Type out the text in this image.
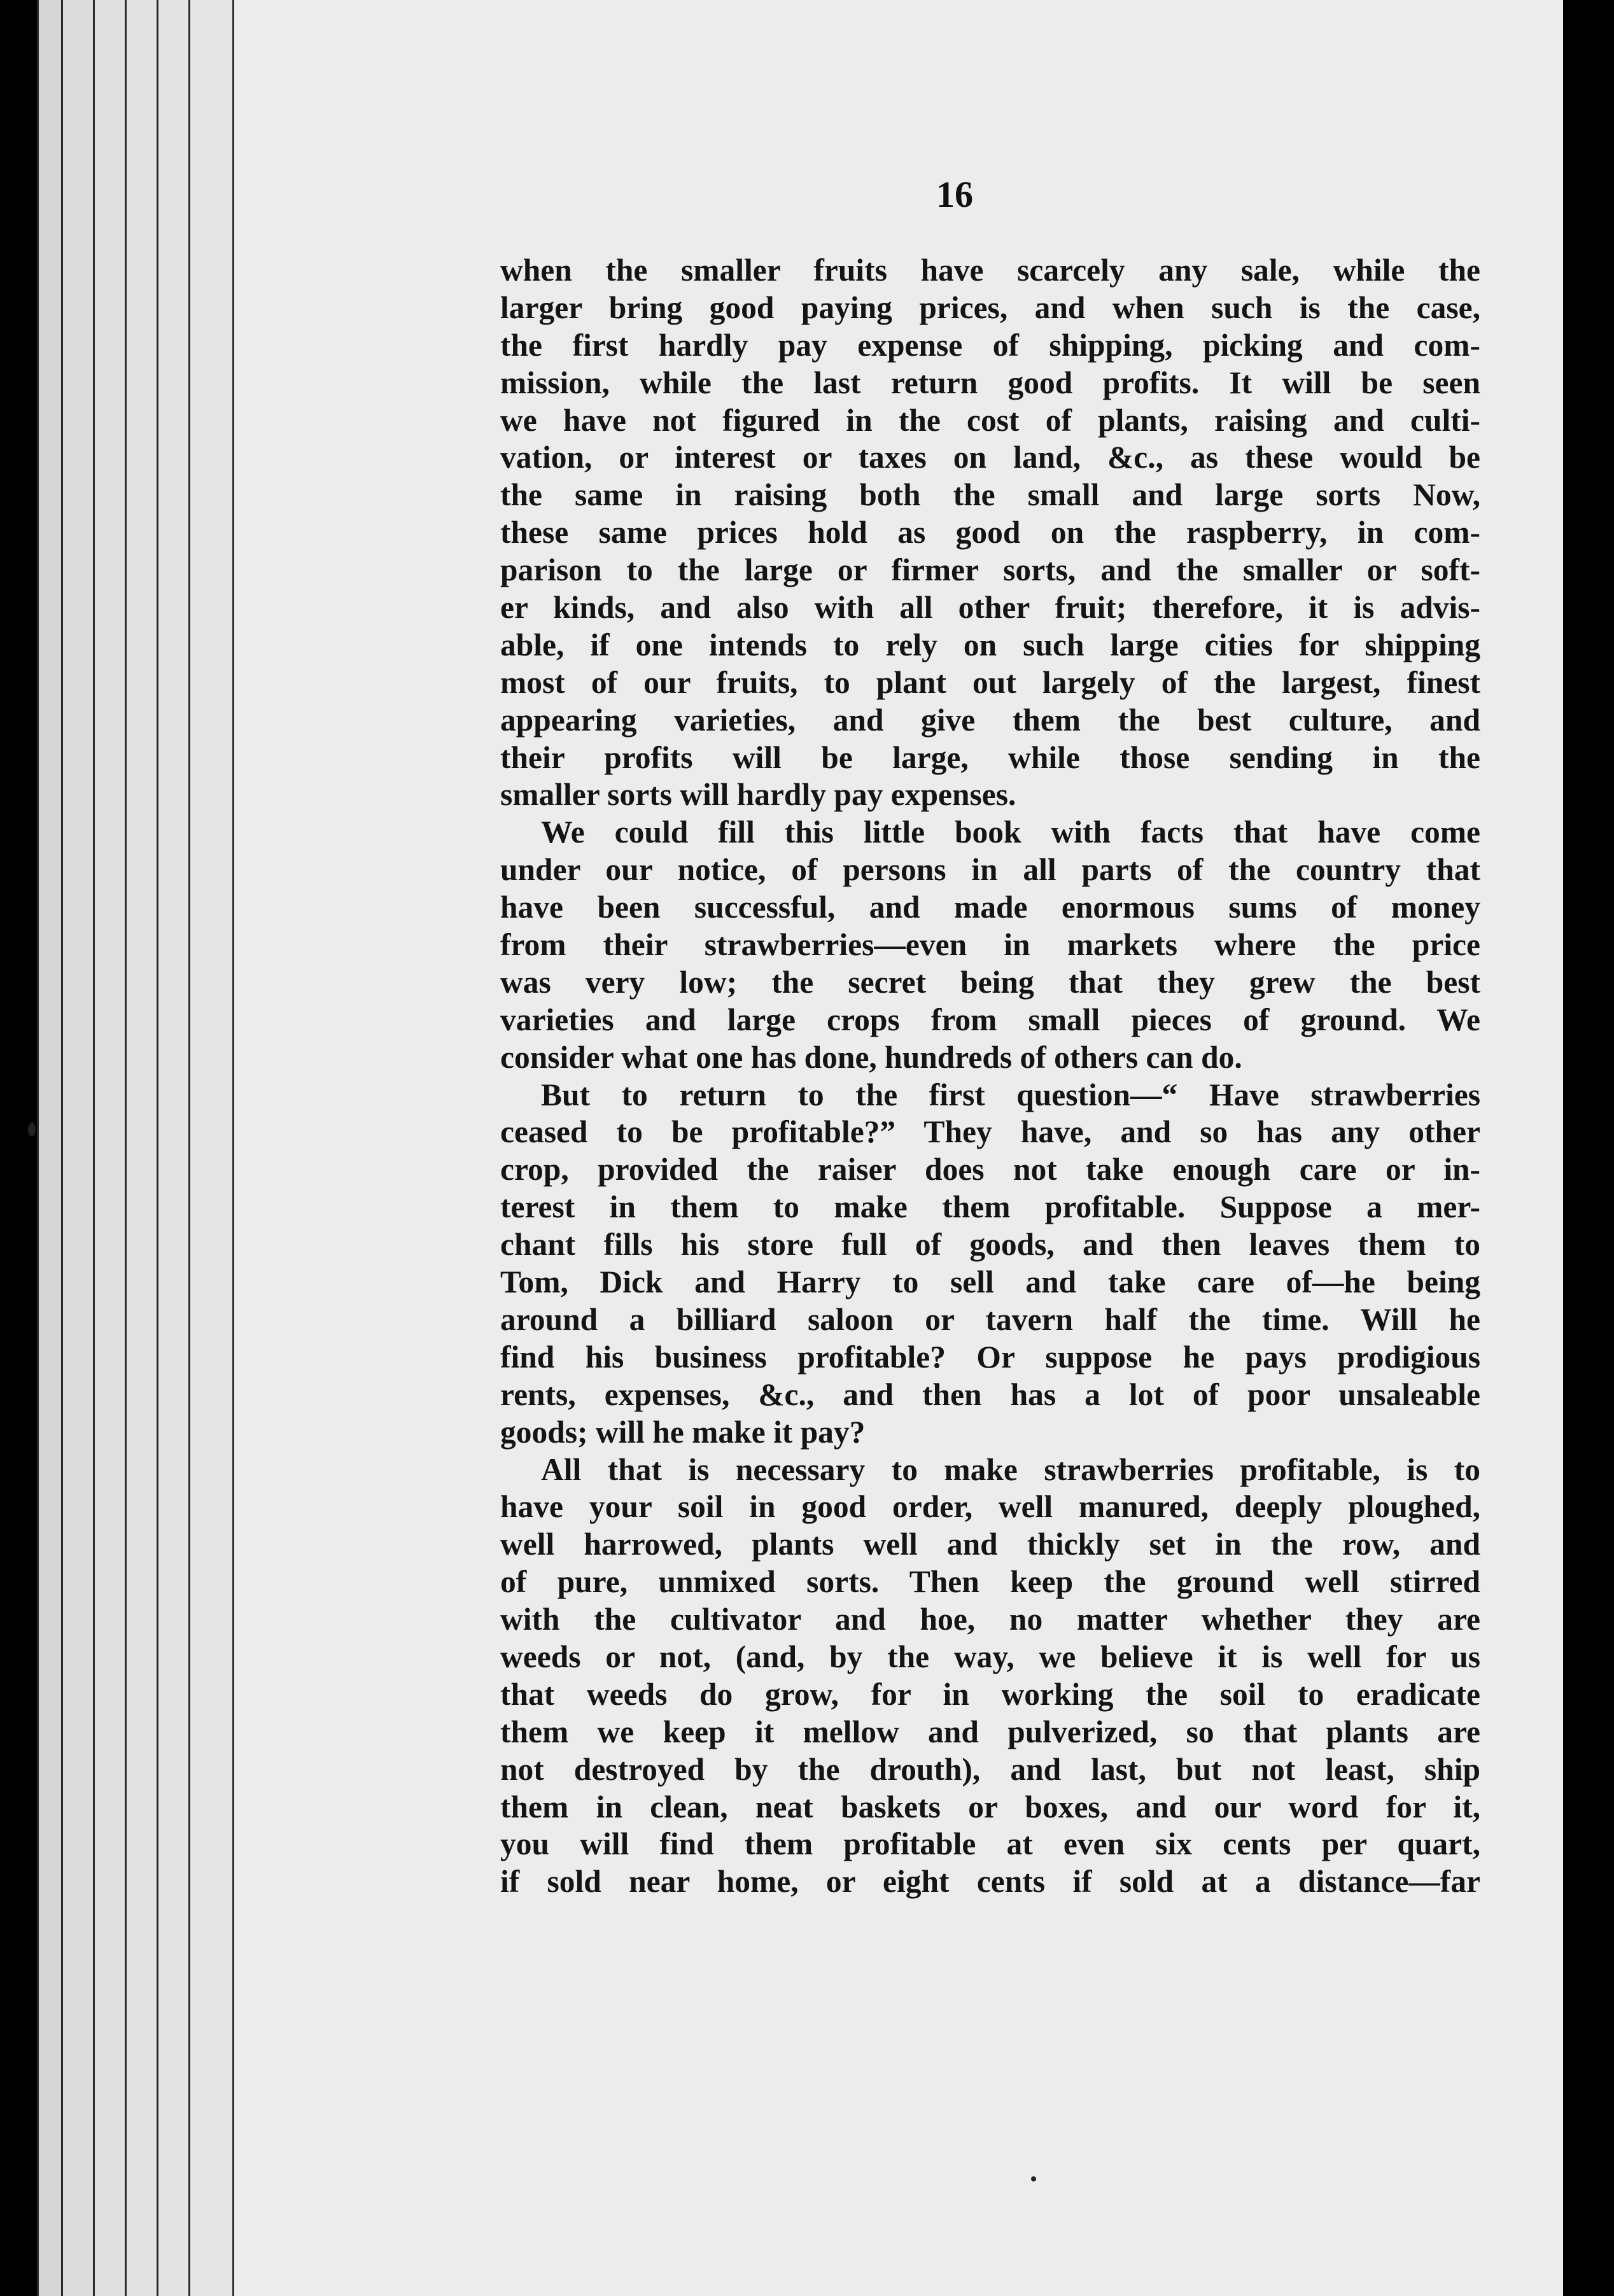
16
when the smaller fruits have scarcely any sale, while the
larger bring good paying prices, and when such is the case,
the first hardly pay expense of shipping, picking and com-
mission, while the last return good profits. It will be seen
we have not figured in the cost of plants, raising and culti-
vation, or interest or taxes on land, &c., as these would be
the same in raising both the small and large sorts Now,
these same prices hold as good on the raspberry, in com-
parison to the large or firmer sorts, and the smaller or soft-
er kinds, and also with all other fruit; therefore, it is advis-
able, if one intends to rely on such large cities for shipping
most of our fruits, to plant out largely of the largest, finest
appearing varieties, and give them the best culture, and
their profits will be large, while those sending in the
smaller sorts will hardly pay expenses.
We could fill this little book with facts that have come
under our notice, of persons in all parts of the country that
have been successful, and made enormous sums of money
from their strawberries—even in markets where the price
was very low; the secret being that they grew the best
varieties and large crops from small pieces of ground. We
consider what one has done, hundreds of others can do.
But to return to the first question—“ Have strawberries
ceased to be profitable?” They have, and so has any other
crop, provided the raiser does not take enough care or in-
terest in them to make them profitable. Suppose a mer-
chant fills his store full of goods, and then leaves them to
Tom, Dick and Harry to sell and take care of—he being
around a billiard saloon or tavern half the time. Will he
find his business profitable? Or suppose he pays prodigious
rents, expenses, &c., and then has a lot of poor unsaleable
goods; will he make it pay?
All that is necessary to make strawberries profitable, is to
have your soil in good order, well manured, deeply ploughed,
well harrowed, plants well and thickly set in the row, and
of pure, unmixed sorts. Then keep the ground well stirred
with the cultivator and hoe, no matter whether they are
weeds or not, (and, by the way, we believe it is well for us
that weeds do grow, for in working the soil to eradicate
them we keep it mellow and pulverized, so that plants are
not destroyed by the drouth), and last, but not least, ship
them in clean, neat baskets or boxes, and our word for it,
you will find them profitable at even six cents per quart,
if sold near home, or eight cents if sold at a distance—far
